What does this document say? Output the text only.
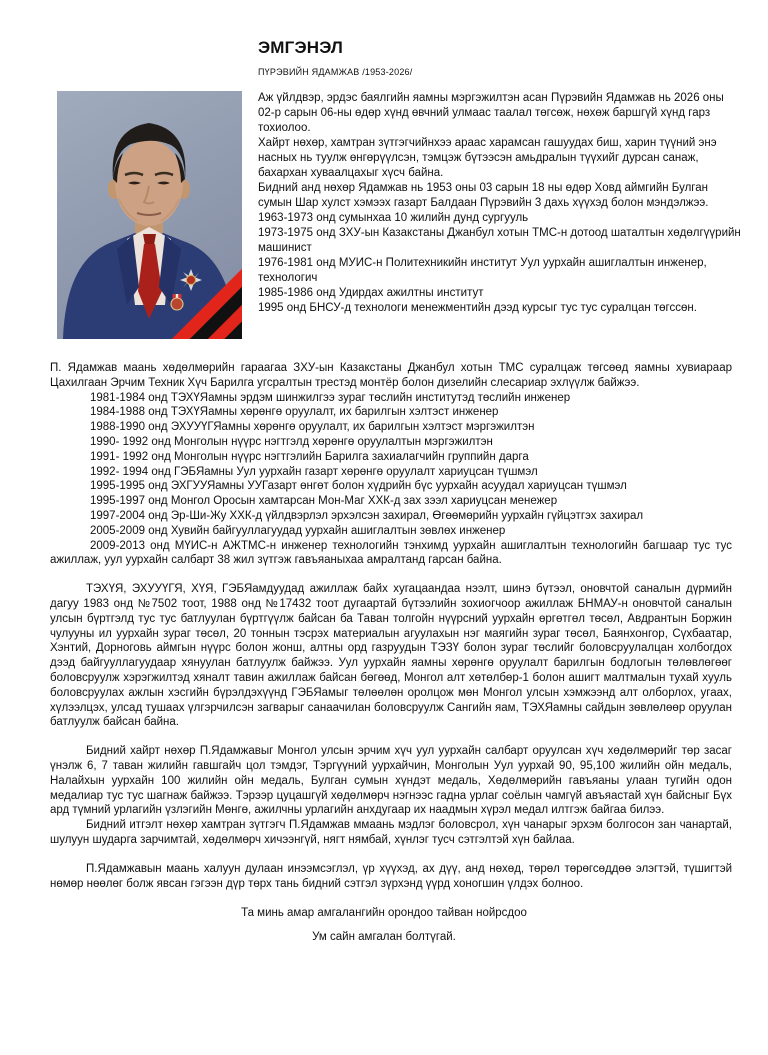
ЭМГЭНЭЛ
ПҮРЭВИЙН ЯДАМЖАВ /1953-2026/

Аж үйлдвэр, эрдэс баялгийн яамны мэргэжилтэн асан Пүрэвийн Ядамжав нь 2026 оны 02-р сарын 06-ны өдөр хүнд өвчний улмаас таалал төгсөж, нөхөж баршгүй хүнд гарз тохиолоо.

Хайрт нөхөр, хамтран зүтгэгчийнхээ араас харамсан гашуудах биш, харин түүний энэ насных нь туулж өнгөрүүлсэн, тэмцэж бүтээсэн амьдралын түүхийг дурсан санаж, бахархан хуваалцахыг хүсч байна.

Бидний анд нөхөр Ядамжав нь 1953 оны 03 сарын 18 ны өдөр Ховд аймгийн Булган сумын Шар хулст хэмээх газарт Балдаан Пүрэвийн 3 дахь хүүхэд болон мэндэлжээ.

1963-1973 онд сумынхаа 10 жилийн дунд сургууль
1973-1975 онд ЗХУ-ын Казакстаны Джанбул хотын ТМС-н дотоод шаталтын хөдөлгүүрийн машинист
1976-1981 онд МУИС-н Политехникийн институт Уул уурхайн ашиглалтын инженер, технологич
1985-1986 онд Удирдах ажилтны институт
1995 онд БНСУ-д технологи менежментийн дээд курсыг тус тус суралцан төгссөн.

П. Ядамжав маань хөдөлмөрийн гараагаа ЗХУ-ын Казакстаны Джанбул хотын ТМС суралцаж төгсөөд яамны хувиараар Цахилгаан Эрчим Техник Хүч Барилга угсралтын трестэд монтёр болон дизелийн слесариар эхлүүлж байжээ.

1981-1984 онд ТЭХҮЯамны эрдэм шинжилгээ зураг төслийн институтэд төслийн инженер
1984-1988 онд ТЭХҮЯамны хөрөнгө оруулалт, их барилгын хэлтэст инженер
1988-1990 онд ЭХУУҮГЯамны хөрөнгө оруулалт, их барилгын хэлтэст мэргэжилтэн
1990- 1992 онд Монголын нүүрс нэгтгэлд хөрөнгө оруулалтын мэргэжилтэн
1991- 1992 онд Монголын нүүрс нэгтгэлийн Барилга захиалагчийн группийн дарга
1992- 1994 онд ГЭБЯамны Уул уурхайн газарт хөрөнгө оруулалт хариуцсан түшмэл
1995-1995 онд ЭХГУУЯамны УУГазарт өнгөт болон хүдрийн бүс уурхайн асуудал хариуцсан түшмэл
1995-1997 онд Монгол Оросын хамтарсан Мон-Маг ХХК-д зах зээл хариуцсан менежер
1997-2004 онд Эр-Ши-Жу ХХК-д үйлдвэрлэл эрхэлсэн захирал, Өгөөмөрийн уурхайн гүйцэтгэх захирал
2005-2009 онд Хувийн байгууллагуудад уурхайн ашиглалтын зөвлөх инженер
2009-2013 онд МҮИС-н АЖТМС-н инженер технологийн тэнхимд уурхайн ашиглалтын технологийн багшаар тус тус ажиллаж, уул уурхайн салбарт 38 жил зүтгэж гавъяаныхаа амралтанд гарсан байна.

ТЭХҮЯ, ЭХУУҮГЯ, ХҮЯ, ГЭБЯамдуудад ажиллаж байх хугацаандаа нээлт, шинэ бүтээл, оновчтой саналын дүрмийн дагуу 1983 онд №7502 тоот, 1988 онд №17432 тоот дугаартай бүтээлийн зохиогчоор ажиллаж БНМАУ-н оновчтой саналын улсын бүртгэлд тус тус батлуулан бүртгүүлж байсан ба Таван толгойн нүүрсний уурхайн өргөтгөл төсөл, Авдрантын Боржин чулууны ил уурхайн зураг төсөл, 20 тоннын тэсрэх материалын агуулахын нэг маягийн зураг төсөл, Баянхонгор, Сүхбаатар, Хэнтий, Дорноговь аймгын нүүрс болон жонш, алтны орд газруудын ТЭЗҮ болон зураг төслийг боловсруулалцан холбогдох дээд байгууллагуудаар хянуулан батлуулж байжээ. Уул уурхайн яамны хөрөнгө оруулалт барилгын бодлогын төлөвлөгөөг боловсруулж хэрэгжилтэд хяналт тавин ажиллаж байсан бөгөөд, Монгол алт хөтөлбөр-1 болон ашигт малтмалын тухай хууль боловсруулах ажлын хэсгийн бүрэлдэхүүнд ГЭБЯамыг төлөөлөн оролцож мөн Монгол улсын хэмжээнд алт олборлох, угаах, хүлээлцэх, улсад тушаах үлгэрчилсэн загварыг санаачилан боловсруулж Сангийн яам, ТЭХЯамны сайдын зөвлөлөөр оруулан батлуулж байсан байна.

Бидний хайрт нөхөр П.Ядамжавыг Монгол улсын эрчим хүч уул уурхайн салбарт оруулсан хүч хөдөлмөрийг төр засаг үнэлж 6, 7 таван жилийн гавшгайч цол тэмдэг, Тэргүүний уурхайчин, Монголын Уул уурхай 90, 95,100 жилийн ойн медаль, Налайхын уурхайн 100 жилийн ойн медаль, Булган сумын хүндэт медаль, Хөдөлмөрийн гавъяаны улаан тугийн одон медалиар тус тус шагнаж байжээ. Тэрээр цуцашгүй хөдөлмөрч нэгнээс гадна урлаг соёлын чамгүй авъяастай хүн байсныг Бүх ард түмний урлагийн үзлэгийн Мөнгө, ажилчны урлагийн анхдугаар их наадмын хүрэл медал илтгэж байгаа билээ.

Бидний итгэлт нөхөр хамтран зүтгэгч П.Ядамжав ммаань мэдлэг боловсрол, хүн чанарыг эрхэм болгосон зан чанартай, шулуун шударга зарчимтай, хөдөлмөрч хичээнгүй, нягт нямбай, хүнлэг тусч сэтгэлтэй хүн байлаа.

П.Ядамжавын маань халуун дулаан инээмсэглэл, үр хүүхэд, ах дүү, анд нөхөд, төрөл төрөгсөддөө элэгтэй, түшигтэй нөмөр нөөлөг болж явсан гэгээн дүр төрх тань бидний сэтгэл зүрхэнд үүрд хоногшин үлдэх болноо.

Та минь амар амгалангийн орондоо тайван нойрсдоо

Ум сайн амгалан болтүгай.
